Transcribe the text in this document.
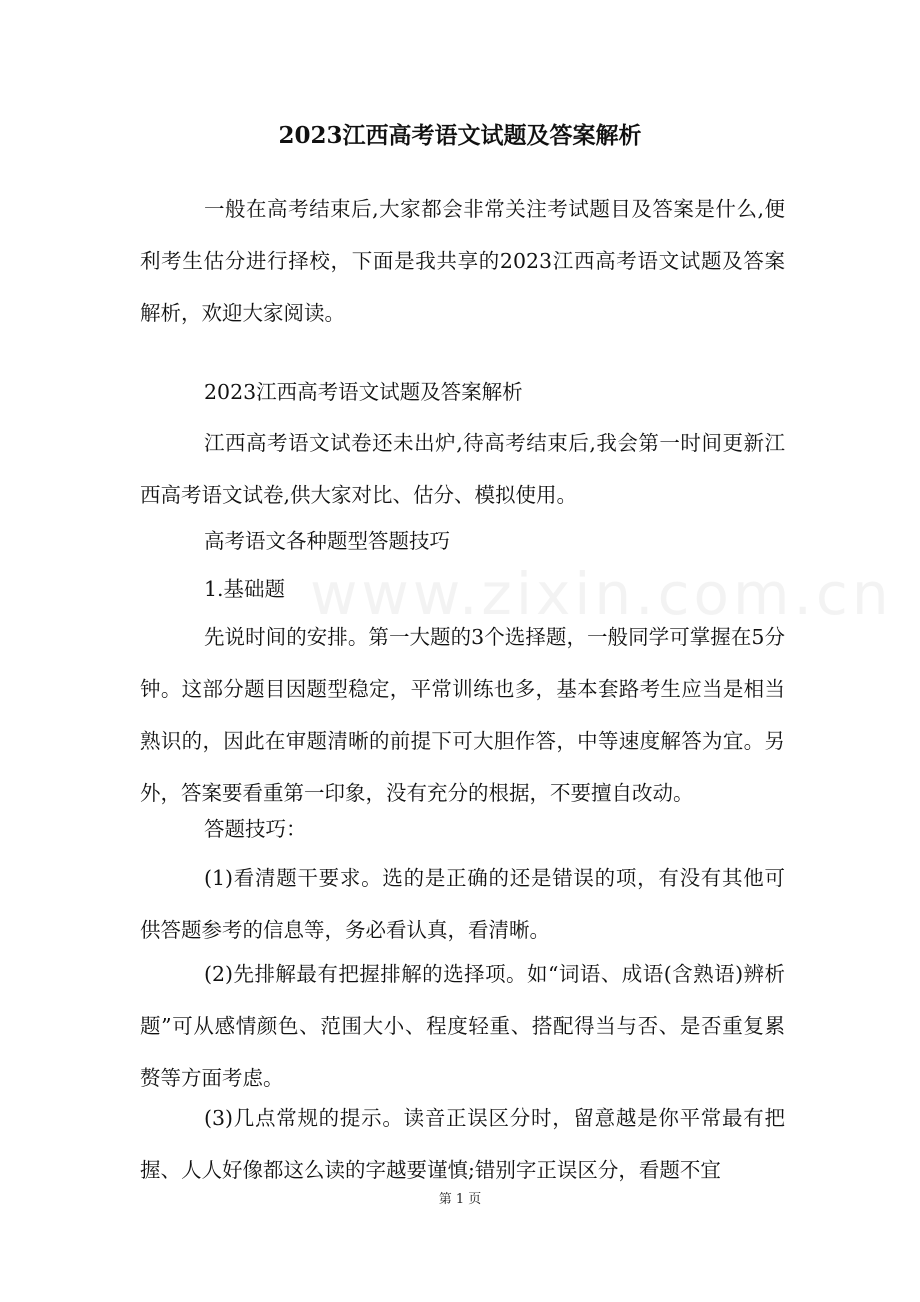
www.zixin.com.cn
2023江西高考语文试题及答案解析

一般在高考结束后,大家都会非常关注考试题目及答案是什么,便利考生估分进行择校，下面是我共享的2023江西高考语文试题及答案解析，欢迎大家阅读。

2023江西高考语文试题及答案解析

江西高考语文试卷还未出炉,待高考结束后,我会第一时间更新江西高考语文试卷,供大家对比、估分、模拟使用。

高考语文各种题型答题技巧

1.基础题

先说时间的安排。第一大题的3个选择题，一般同学可掌握在5分钟。这部分题目因题型稳定，平常训练也多，基本套路考生应当是相当熟识的，因此在审题清晰的前提下可大胆作答，中等速度解答为宜。另外，答案要看重第一印象，没有充分的根据，不要擅自改动。

答题技巧：

(1)看清题干要求。选的是正确的还是错误的项，有没有其他可供答题参考的信息等，务必看认真，看清晰。

(2)先排解最有把握排解的选择项。如“词语、成语(含熟语)辨析题”可从感情颜色、范围大小、程度轻重、搭配得当与否、是否重复累赘等方面考虑。

(3)几点常规的提示。读音正误区分时，留意越是你平常最有把握、人人好像都这么读的字越要谨慎;错别字正误区分，看题不宜

第 1 页
